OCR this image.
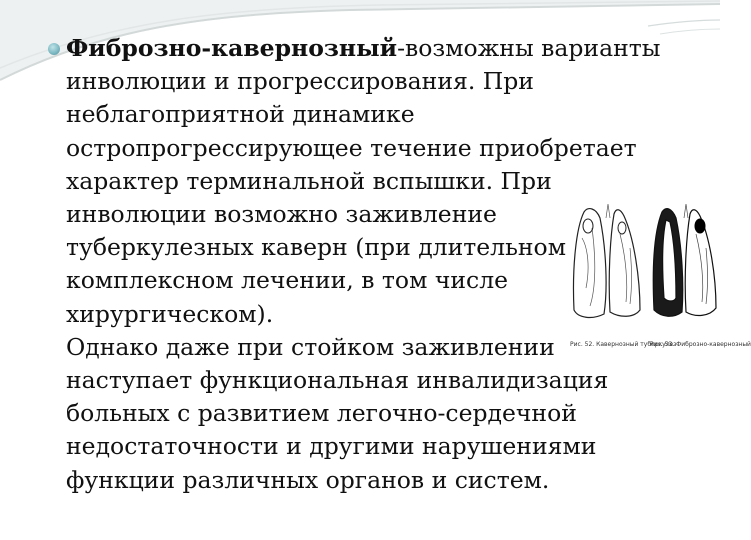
Фиброзно-кавернозный-возможны варианты
инволюции и прогрессирования. При
неблагоприятной динамике
остропрогрессирующее течение приобретает
характер терминальной вспышки. При
инволюции возможно заживление
туберкулезных каверн (при длительном
комплексном лечении, в том числе
хирургическом).
Однако даже при стойком заживлении
наступает функциональная инвалидизация
больных с развитием легочно-сердечной
недостаточности и другими нарушениями
функции различных органов и систем.

Рис. 52. Кавернозный туберкулез
Рис. 53. Фиброзно-кавернозный
